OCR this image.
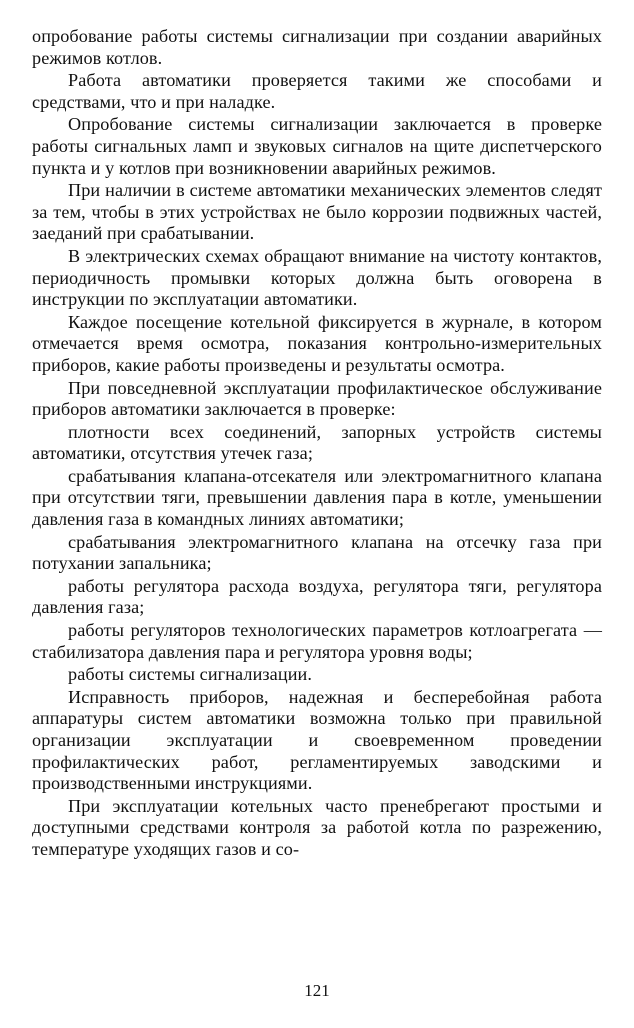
опробование работы системы сигнализации при создании аварийных режимов котлов.

Работа автоматики проверяется такими же способами и средствами, что и при наладке.

Опробование системы сигнализации заключается в проверке работы сигнальных ламп и звуковых сигналов на щите диспетчерского пункта и у котлов при возникновении аварийных режимов.

При наличии в системе автоматики механических элементов следят за тем, чтобы в этих устройствах не было коррозии подвижных частей, заеданий при срабатывании.

В электрических схемах обращают внимание на чистоту контактов, периодичность промывки которых должна быть оговорена в инструкции по эксплуатации автоматики.

Каждое посещение котельной фиксируется в журнале, в котором отмечается время осмотра, показания контрольно-измерительных приборов, какие работы произведены и результаты осмотра.

При повседневной эксплуатации профилактическое обслуживание приборов автоматики заключается в проверке:

плотности всех соединений, запорных устройств системы автоматики, отсутствия утечек газа;

срабатывания клапана-отсекателя или электромагнитного клапана при отсутствии тяги, превышении давления пара в котле, уменьшении давления газа в командных линиях автоматики;

срабатывания электромагнитного клапана на отсечку газа при потухании запальника;

работы регулятора расхода воздуха, регулятора тяги, регулятора давления газа;

работы регуляторов технологических параметров котлоагрегата — стабилизатора давления пара и регулятора уровня воды;

работы системы сигнализации.

Исправность приборов, надежная и бесперебойная работа аппаратуры систем автоматики возможна только при правильной организации эксплуатации и своевременном проведении профилактических работ, регламентируемых заводскими и производственными инструкциями.

При эксплуатации котельных часто пренебрегают простыми и доступными средствами контроля за работой котла по разрежению, температуре уходящих газов и со-

121
